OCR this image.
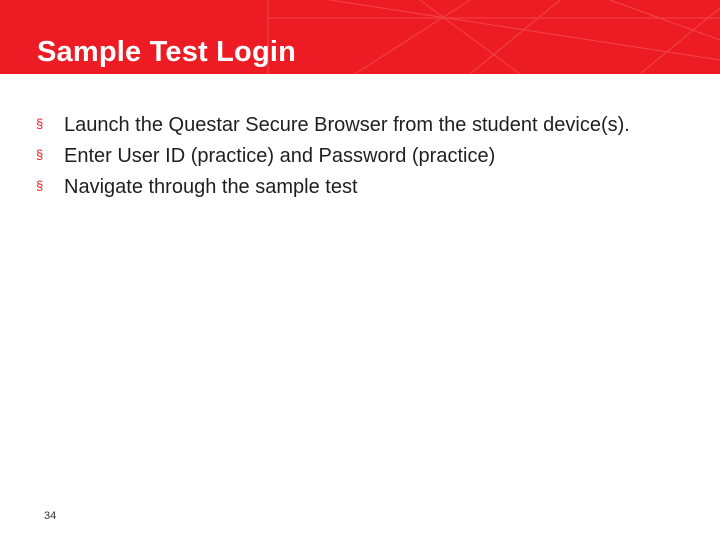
Sample Test Login
§ Launch the Questar Secure Browser from the student device(s).
§ Enter User ID (practice) and Password (practice)
§ Navigate through the sample test
34
